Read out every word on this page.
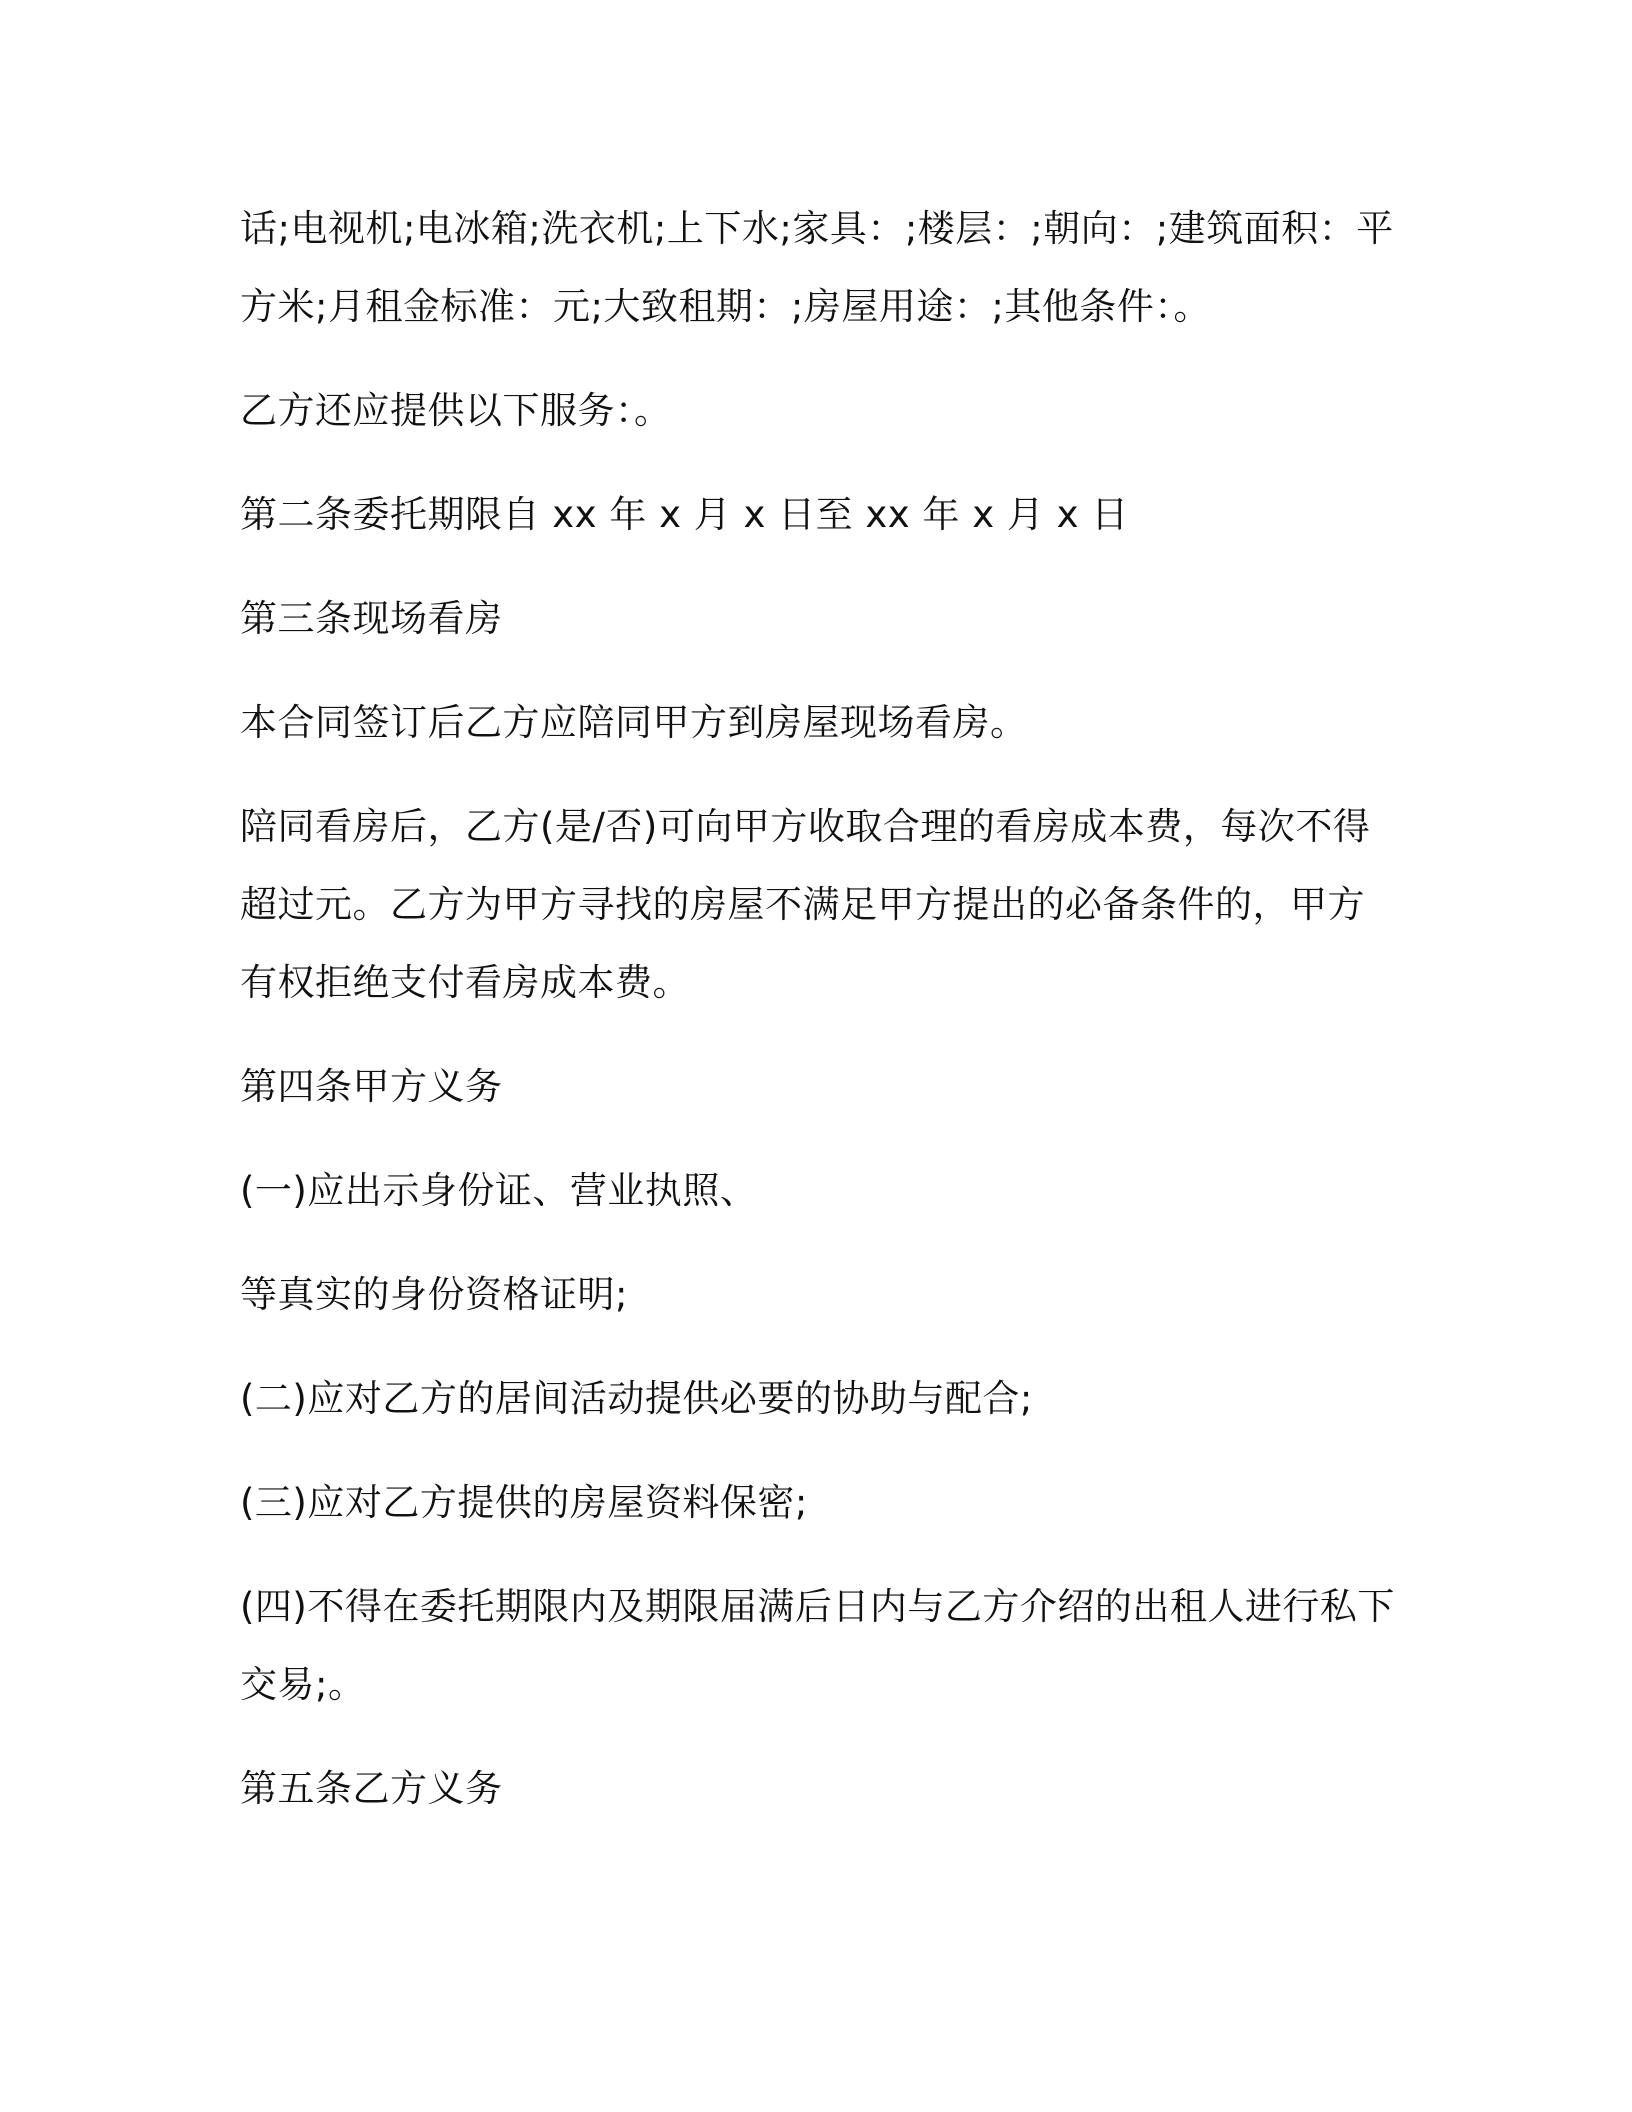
话;电视机;电冰箱;洗衣机;上下水;家具：;楼层：;朝向：;建筑面积：平
方米;月租金标准：元;大致租期：;房屋用途：;其他条件：。

乙方还应提供以下服务：。

第二条委托期限自 xx 年 x 月 x 日至 xx 年 x 月 x 日

第三条现场看房

本合同签订后乙方应陪同甲方到房屋现场看房。

陪同看房后，乙方(是/否)可向甲方收取合理的看房成本费，每次不得
超过元。乙方为甲方寻找的房屋不满足甲方提出的必备条件的，甲方
有权拒绝支付看房成本费。

第四条甲方义务

(一)应出示身份证、营业执照、

等真实的身份资格证明;

(二)应对乙方的居间活动提供必要的协助与配合;

(三)应对乙方提供的房屋资料保密;

(四)不得在委托期限内及期限届满后日内与乙方介绍的出租人进行私下
交易;。

第五条乙方义务
